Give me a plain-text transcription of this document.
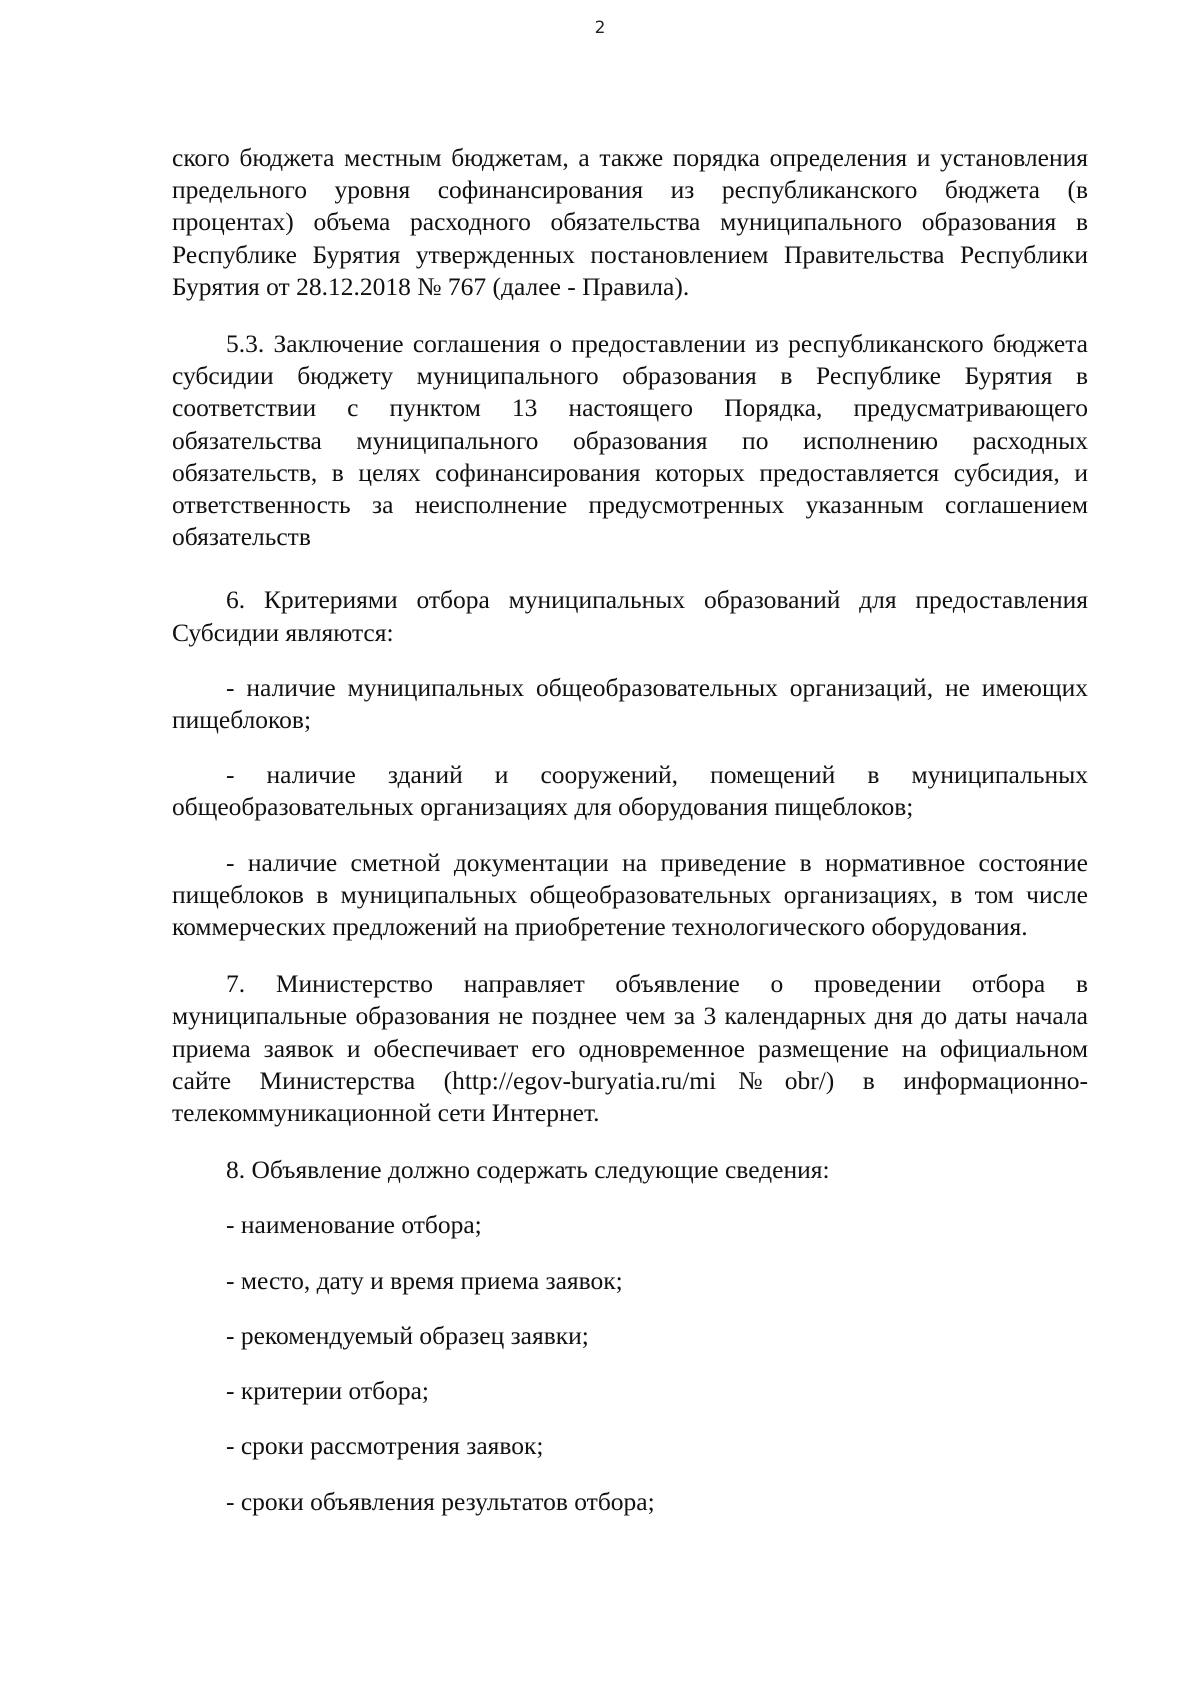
2

ского бюджета местным бюджетам, а также порядка определения и установления предельного уровня софинансирования из республиканского бюджета (в процентах) объема расходного обязательства муниципального образования в Республике Бурятия утвержденных постановлением Правительства Республики Бурятия от 28.12.2018 № 767 (далее - Правила).

5.3. Заключение соглашения о предоставлении из республиканского бюджета субсидии бюджету муниципального образования в Республике Бурятия в соответствии с пунктом 13 настоящего Порядка, предусматривающего обязательства муниципального образования по исполнению расходных обязательств, в целях софинансирования которых предоставляется субсидия, и ответственность за неисполнение предусмотренных указанным соглашением обязательств

6. Критериями отбора муниципальных образований для предоставления Субсидии являются:

- наличие муниципальных общеобразовательных организаций, не имеющих пищеблоков;

- наличие зданий и сооружений, помещений в муниципальных общеобразовательных организациях для оборудования пищеблоков;

- наличие сметной документации на приведение в нормативное состояние пищеблоков в муниципальных общеобразовательных организациях, в том числе коммерческих предложений на приобретение технологического оборудования.

7. Министерство направляет объявление о проведении отбора в муниципальные образования не позднее чем за 3 календарных дня до даты начала приема заявок и обеспечивает его одновременное размещение на официальном сайте Министерства (http://egov-buryatia.ru/mi№obr/) в информационно-телекоммуникационной сети Интернет.

8. Объявление должно содержать следующие сведения:

- наименование отбора;

- место, дату и время приема заявок;

- рекомендуемый образец заявки;

- критерии отбора;

- сроки рассмотрения заявок;

- сроки объявления результатов отбора;
